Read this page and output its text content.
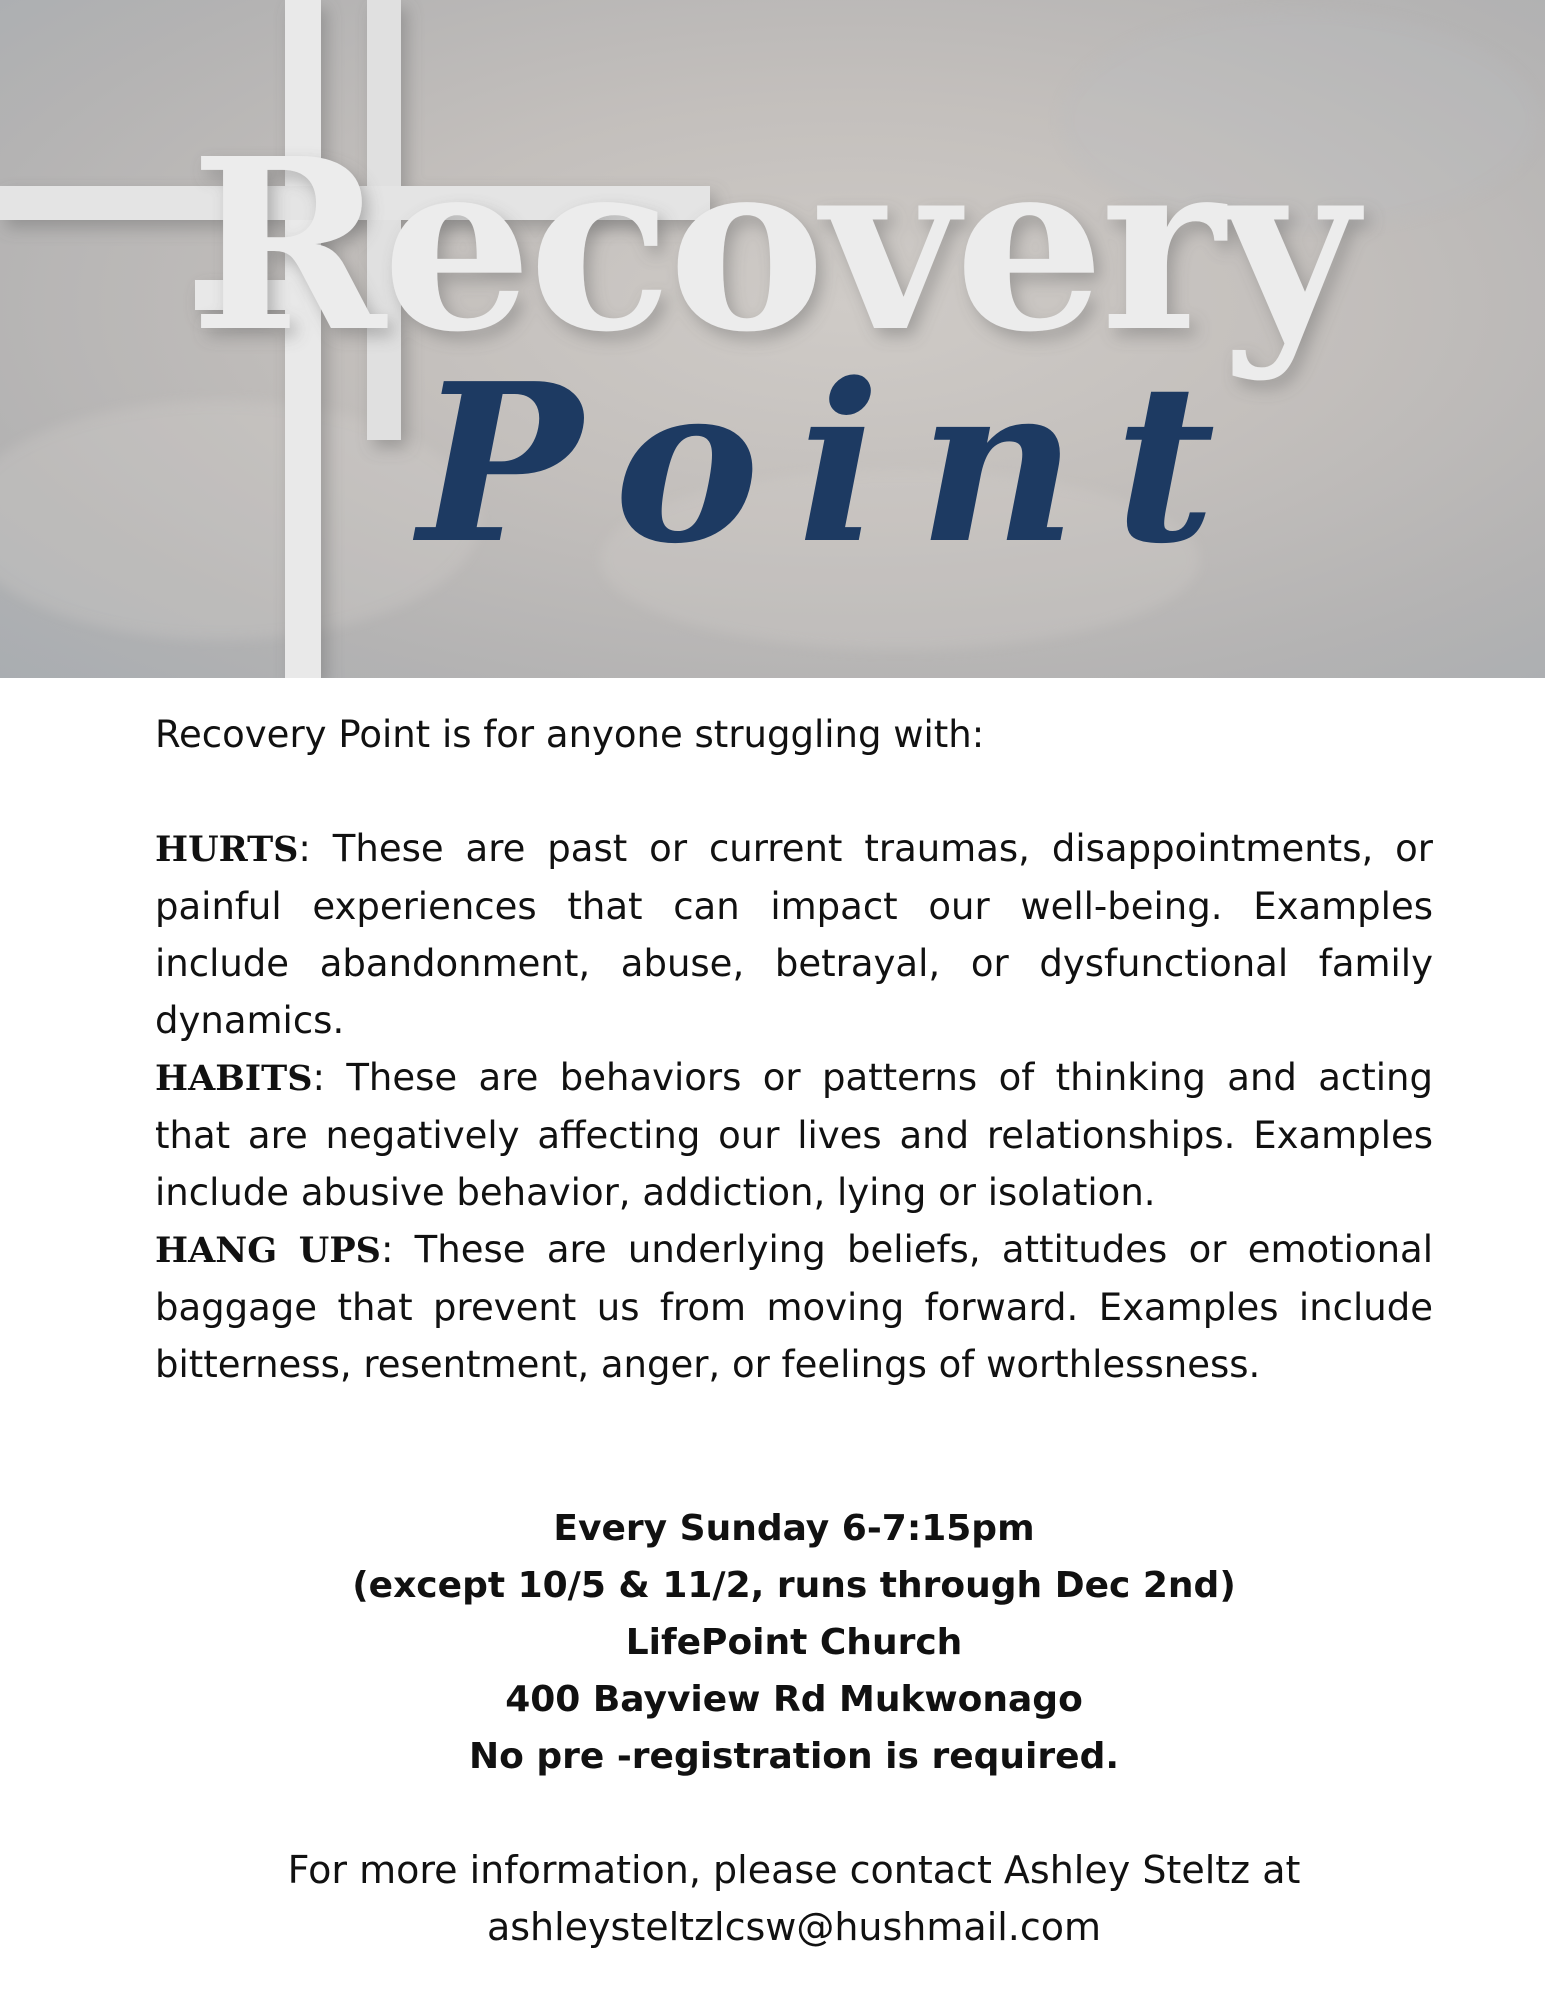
Recovery
Point

Recovery Point is for anyone struggling with:

HURTS: These are past or current traumas, disappointments, or painful experiences that can impact our well-being. Examples include abandonment, abuse, betrayal, or dysfunctional family dynamics.

HABITS: These are behaviors or patterns of thinking and acting that are negatively affecting our lives and relationships. Examples include abusive behavior, addiction, lying or isolation.

HANG UPS: These are underlying beliefs, attitudes or emotional baggage that prevent us from moving forward. Examples include bitterness, resentment, anger, or feelings of worthlessness.

Every Sunday 6-7:15pm
(except 10/5 & 11/2, runs through Dec 2nd)
LifePoint Church
400 Bayview Rd Mukwonago
No pre -registration is required.
For more information, please contact Ashley Steltz at
ashleysteltzlcsw@hushmail.com
